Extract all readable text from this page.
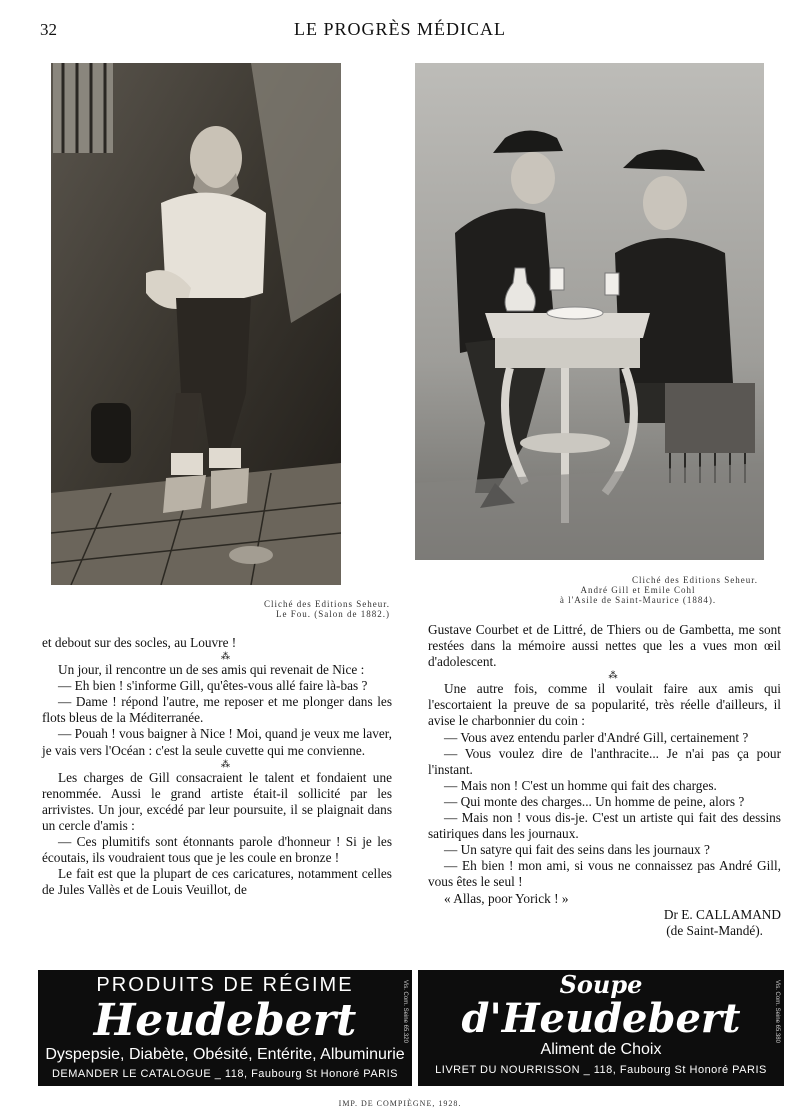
32	LE PROGRÈS MÉDICAL
Cliché des Editions Seheur.
Le Fou. (Salon de 1882.)
Cliché des Editions Seheur.
André Gill et Emile Cohl
à l'Asile de Saint-Maurice (1884).

et debout sur des socles, au Louvre !

⁂

Un jour, il rencontre un de ses amis qui revenait de Nice :

— Eh bien ! s'informe Gill, qu'êtes-vous allé faire là-bas ?

— Dame ! répond l'autre, me reposer et me plonger dans les flots bleus de la Méditerranée.

— Pouah ! vous baigner à Nice ! Moi, quand je veux me laver, je vais vers l'Océan : c'est la seule cuvette qui me convienne.

⁂

Les charges de Gill consacraient le talent et fondaient une renommée. Aussi le grand artiste était-il sollicité par les arrivistes. Un jour, excédé par leur poursuite, il se plaignait dans un cercle d'amis :

— Ces plumitifs sont étonnants parole d'honneur ! Si je les écoutais, ils voudraient tous que je les coule en bronze !

Le fait est que la plupart de ces caricatures, notamment celles de Jules Vallès et de Louis Veuillot, de

Gustave Courbet et de Littré, de Thiers ou de Gambetta, me sont restées dans la mémoire aussi nettes que les a vues mon œil d'adolescent.

⁂

Une autre fois, comme il voulait faire aux amis qui l'escortaient la preuve de sa popularité, très réelle d'ailleurs, il avise le charbonnier du coin :

— Vous avez entendu parler d'André Gill, certainement ?

— Vous voulez dire de l'anthracite... Je n'ai pas ça pour l'instant.

— Mais non ! C'est un homme qui fait des charges.

— Qui monte des charges... Un homme de peine, alors ?

— Mais non ! vous dis-je. C'est un artiste qui fait des dessins satiriques dans les journaux.

— Un satyre qui fait des seins dans les journaux ?

— Eh bien ! mon ami, si vous ne connaissez pas André Gill, vous êtes le seul !

« Allas, poor Yorick ! »

Dr E. CALLAMAND

(de Saint-Mandé).

PRODUITS DE RÉGIME
Heudebert
Dyspepsie, Diabète, Obésité, Entérite, Albuminurie
DEMANDER LE CATALOGUE _ 118, Faubourg St Honoré PARIS
Vis. Com. Seine 65.320	Soupe
d'Heudebert
Aliment de Choix
LIVRET DU NOURRISSON _ 118, Faubourg St Honoré PARIS
Vis. Com. Seine 65.380
IMP. DE COMPIÈGNE, 1928.
